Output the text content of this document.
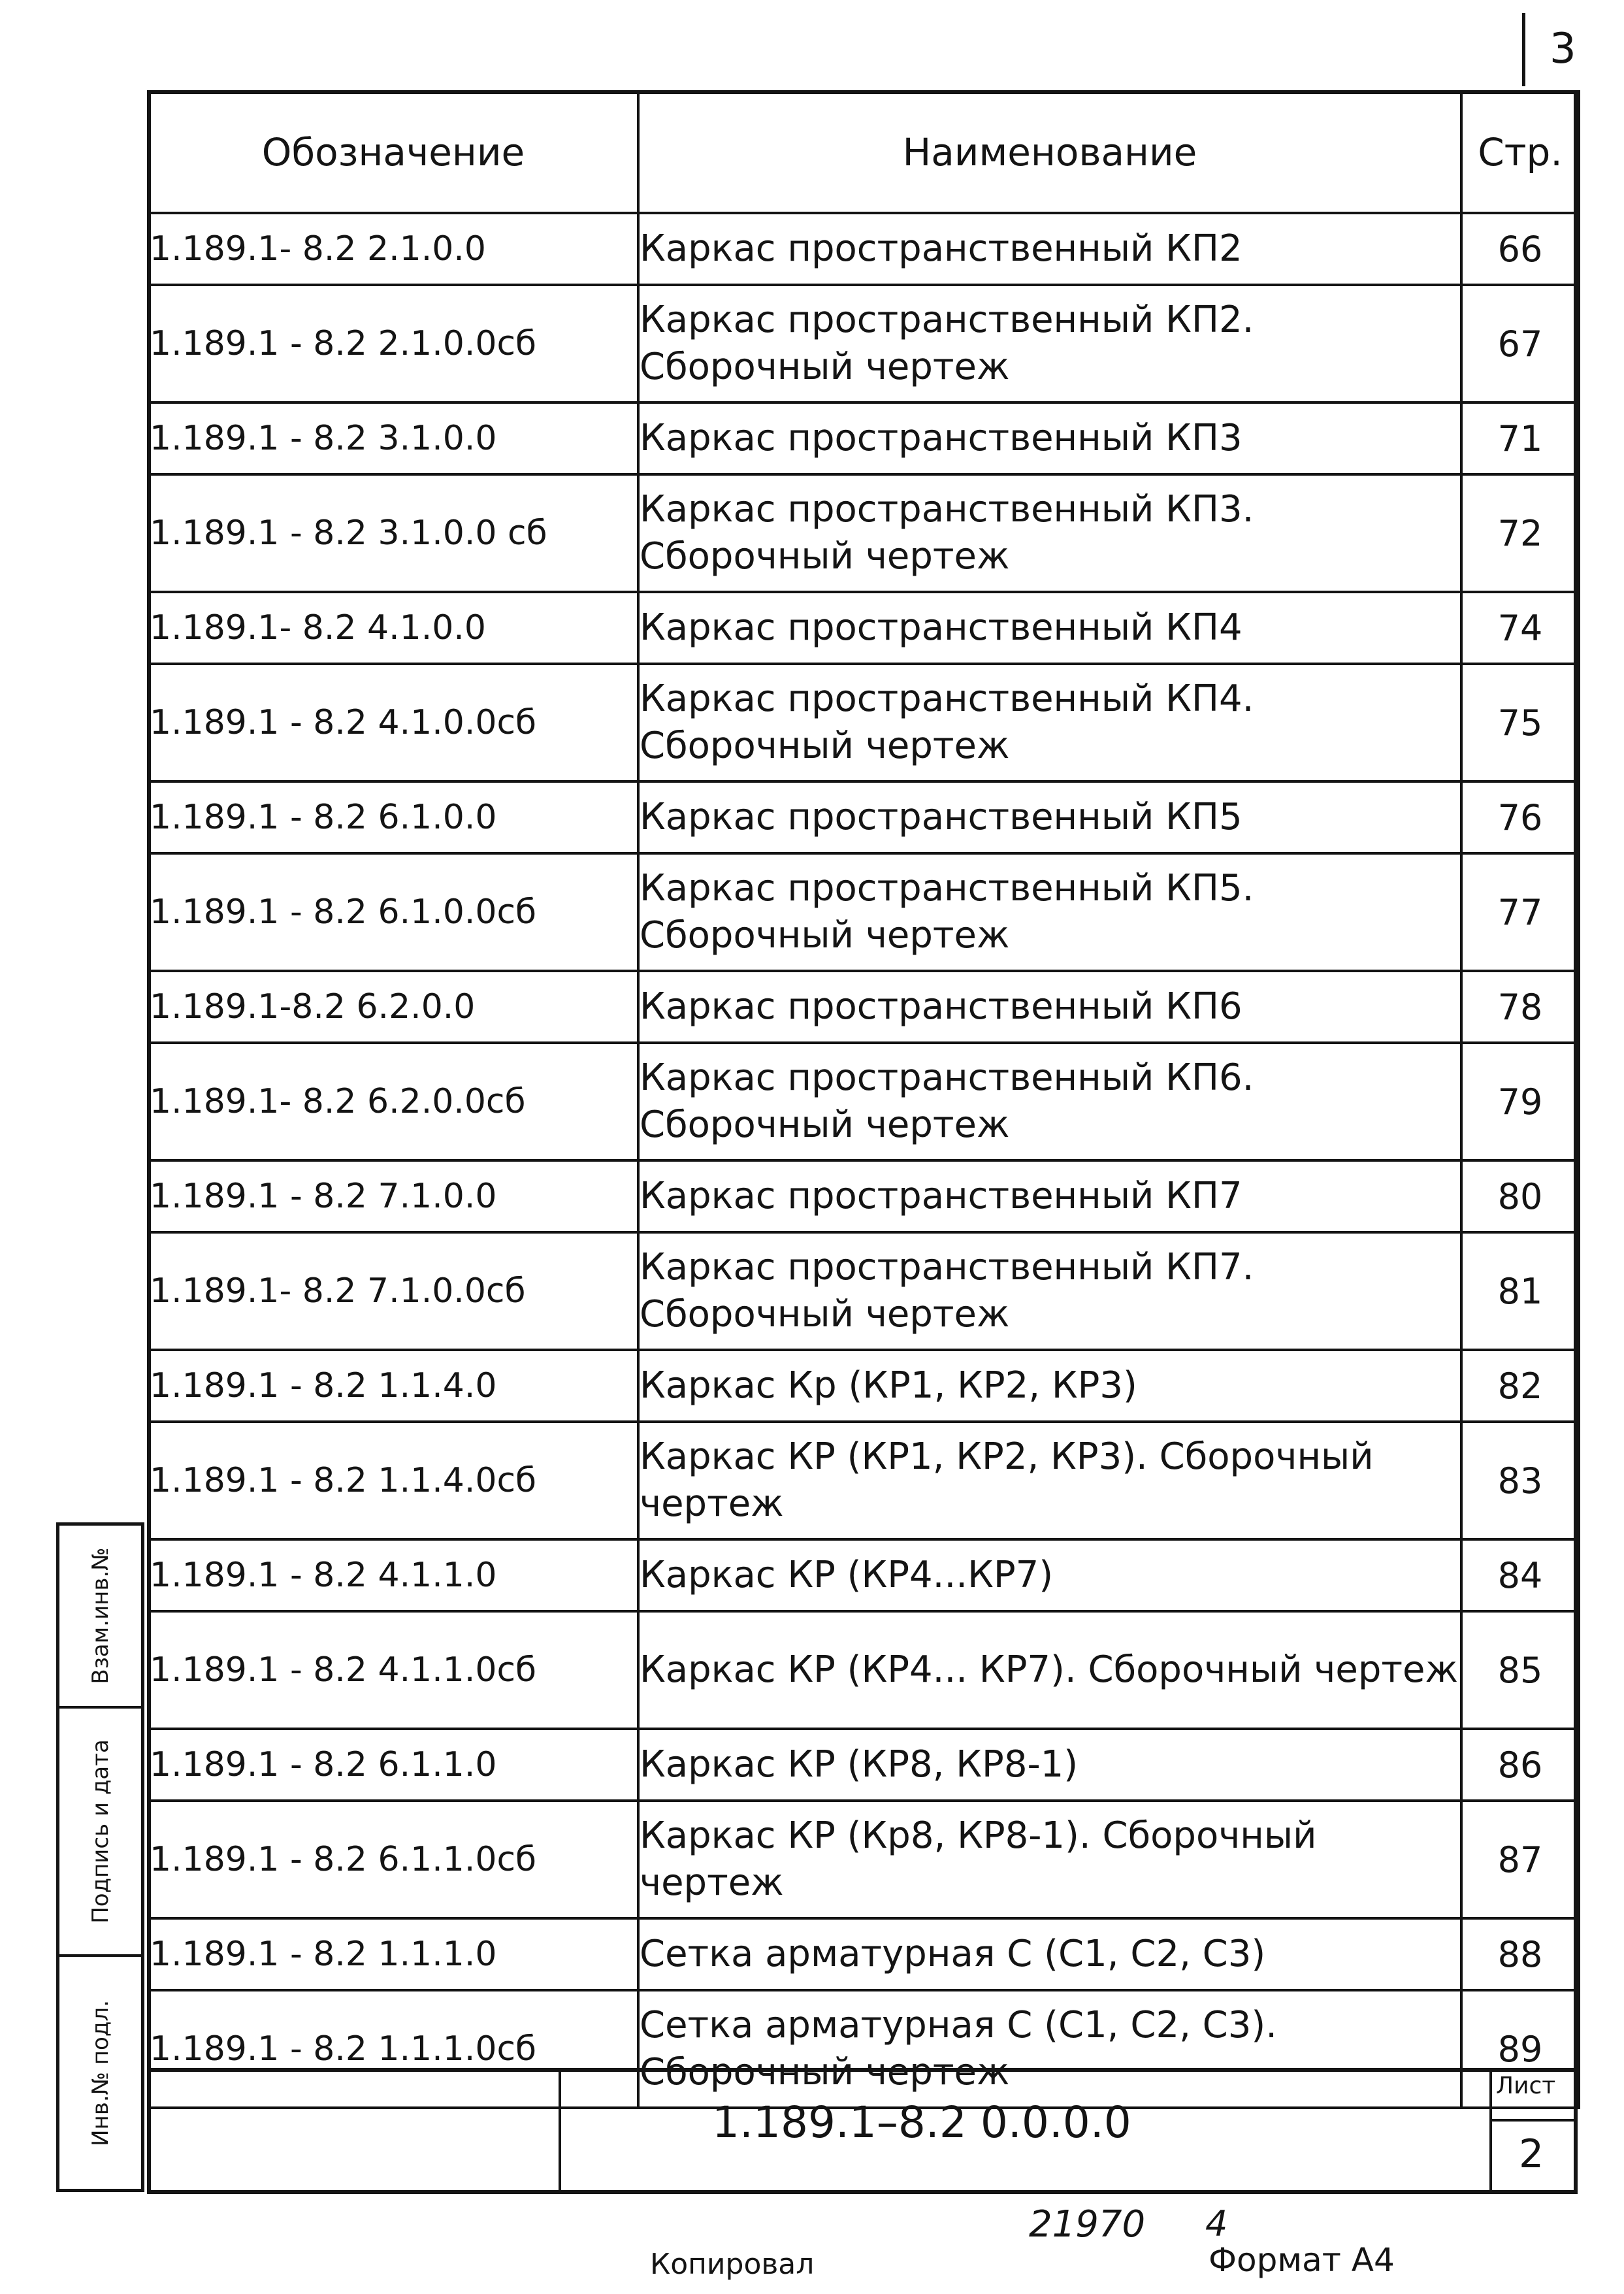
3
Обозначение	Наименование	Стр.
1.189.1- 8.2 2.1.0.0	Каркас пространственный КП2	66
1.189.1 - 8.2 2.1.0.0сб	Каркас пространственный КП2. Сборочный чертеж	67
1.189.1 - 8.2 3.1.0.0	Каркас пространственный КП3	71
1.189.1 - 8.2 3.1.0.0 сб	Каркас пространственный КП3. Сборочный чертеж	72
1.189.1- 8.2 4.1.0.0	Каркас пространственный КП4	74
1.189.1 - 8.2 4.1.0.0сб	Каркас пространственный КП4. Сборочный чертеж	75
1.189.1 - 8.2 6.1.0.0	Каркас пространственный КП5	76
1.189.1 - 8.2 6.1.0.0сб	Каркас пространственный КП5. Сборочный чертеж	77
1.189.1-8.2 6.2.0.0	Каркас пространственный КП6	78
1.189.1- 8.2 6.2.0.0сб	Каркас пространственный КП6. Сборочный чертеж	79
1.189.1 - 8.2 7.1.0.0	Каркас пространственный КП7	80
1.189.1- 8.2 7.1.0.0сб	Каркас пространственный КП7. Сборочный чертеж	81
1.189.1 - 8.2 1.1.4.0	Каркас Кр (КР1, КР2, КР3)	82
1.189.1 - 8.2 1.1.4.0сб	Каркас КР (КР1, КР2, КР3). Сборочный чертеж	83
1.189.1 - 8.2 4.1.1.0	Каркас КР (КР4...КР7)	84
1.189.1 - 8.2 4.1.1.0сб	Каркас КР (КР4... КР7). Сборочный чертеж	85
1.189.1 - 8.2 6.1.1.0	Каркас КР (КР8, КР8-1)	86
1.189.1 - 8.2 6.1.1.0сб	Каркас КР (Кр8, КР8-1). Сборочный чертеж	87
1.189.1 - 8.2 1.1.1.0	Сетка арматурная С (С1, С2, С3)	88
1.189.1 - 8.2 1.1.1.0сб	Сетка арматурная С (С1, С2, С3). Сборочный чертеж	89
Взам.инв.№
Подпись и дата
Инв.№ подл.	1.189.1–8.2 0.0.0.0
Лист
2
21970 4
Копировал	Формат А4
